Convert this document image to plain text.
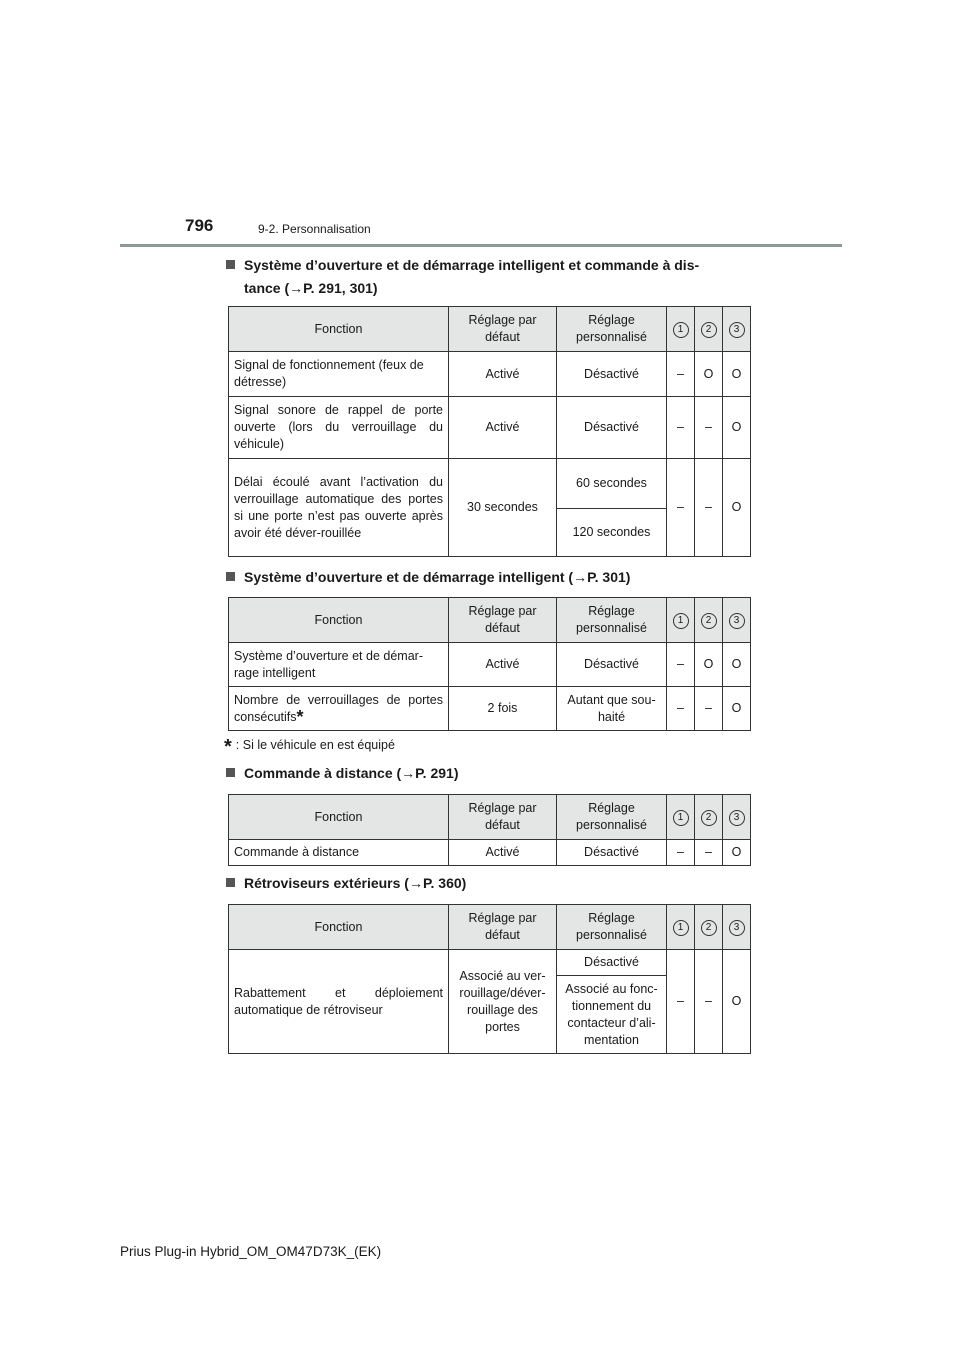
796	9-2. Personnalisation
Système d’ouverture et de démarrage intelligent et commande à dis-
tance (→P. 291, 301)
Fonction	Réglage par défaut	Réglage personnalisé	1	2	3
Signal de fonctionnement (feux de détresse)	Activé	Désactivé	–	O	O
Signal sonore de rappel de porte ouverte (lors du verrouillage du véhicule)	Activé	Désactivé	–	–	O
Délai écoulé avant l’activation du verrouillage automatique des portes si une porte n’est pas ouverte après avoir été déver-rouillée	30 secondes	60 secondes	–	–	O
		120 secondes			
Système d’ouverture et de démarrage intelligent (→P. 301)
Fonction	Réglage par défaut	Réglage personnalisé	1	2	3
Système d’ouverture et de démar-rage intelligent	Activé	Désactivé	–	O	O
Nombre de verrouillages de portes consécutifs*	2 fois	Autant que sou-haité	–	–	O
* : Si le véhicule en est équipé
Commande à distance (→P. 291)
Fonction	Réglage par défaut	Réglage personnalisé	1	2	3
Commande à distance	Activé	Désactivé	–	–	O
Rétroviseurs extérieurs (→P. 360)
Fonction	Réglage par défaut	Réglage personnalisé	1	2	3
Rabattement et déploiement automatique de rétroviseur	Associé au ver-rouillage/déver-rouillage des portes	Désactivé	–	–	O
		Associé au fonc-tionnement du contacteur d’ali-mentation			
Prius Plug-in Hybrid_OM_OM47D73K_(EK)
